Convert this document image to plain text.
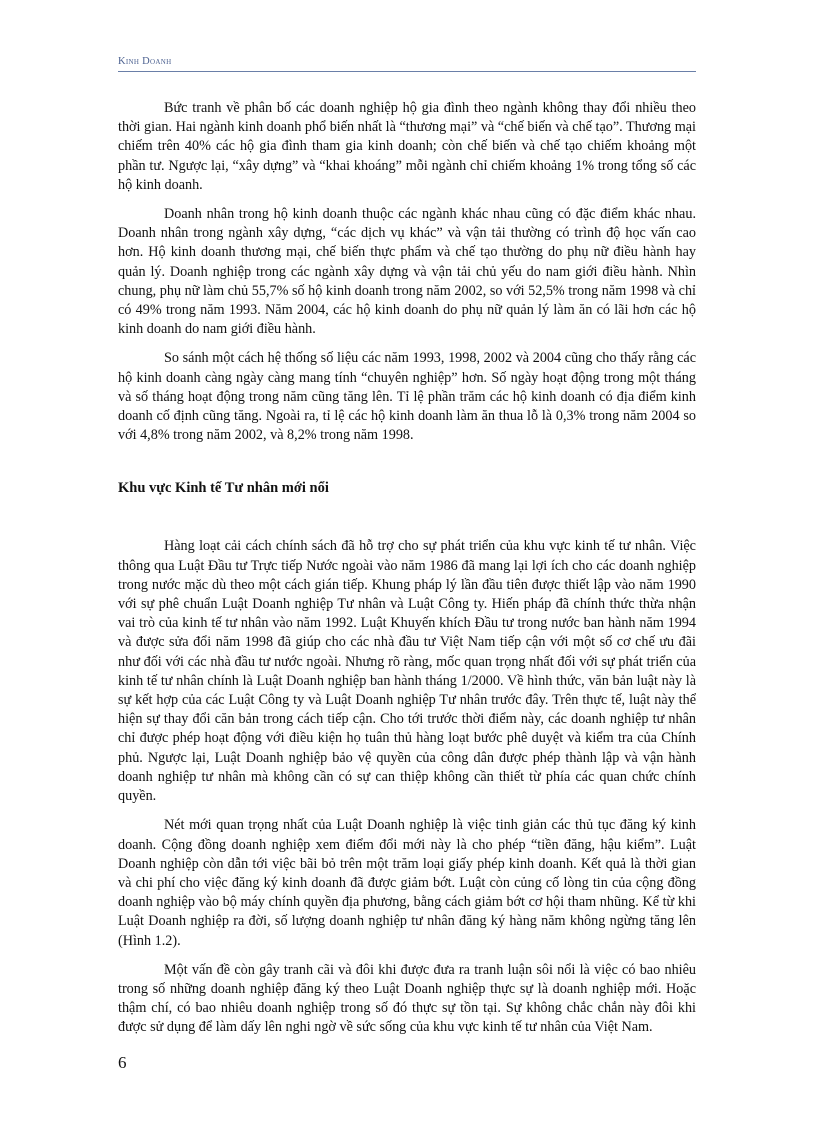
Kinh Doanh

Bức tranh về phân bố các doanh nghiệp hộ gia đình theo ngành không thay đổi nhiều theo thời gian. Hai ngành kinh doanh phổ biến nhất là “thương mại” và “chế biến và chế tạo”. Thương mại chiếm trên 40% các hộ gia đình tham gia kinh doanh; còn chế biến và chế tạo chiếm khoảng một phần tư. Ngược lại, “xây dựng” và “khai khoáng” mỗi ngành chỉ chiếm khoảng 1% trong tổng số các hộ kinh doanh.

Doanh nhân trong hộ kinh doanh thuộc các ngành khác nhau cũng có đặc điểm khác nhau. Doanh nhân trong ngành xây dựng, “các dịch vụ khác” và vận tải thường có trình độ học vấn cao hơn. Hộ kinh doanh thương mại, chế biến thực phẩm và chế tạo thường do phụ nữ điều hành hay quản lý. Doanh nghiệp trong các ngành xây dựng và vận tải chủ yếu do nam giới điều hành. Nhìn chung, phụ nữ làm chủ 55,7% số hộ kinh doanh trong năm 2002, so với 52,5% trong năm 1998 và chỉ có 49% trong năm 1993. Năm 2004, các hộ kinh doanh do phụ nữ quản lý làm ăn có lãi hơn các hộ kinh doanh do nam giới điều hành.

So sánh một cách hệ thống số liệu các năm 1993, 1998, 2002 và 2004 cũng cho thấy rằng các hộ kinh doanh càng ngày càng mang tính “chuyên nghiệp” hơn. Số ngày hoạt động trong một tháng và số tháng hoạt động trong năm cũng tăng lên. Tỉ lệ phần trăm các hộ kinh doanh có địa điểm kinh doanh cố định cũng tăng. Ngoài ra, tỉ lệ các hộ kinh doanh làm ăn thua lỗ là 0,3% trong năm 2004 so với 4,8% trong năm 2002, và 8,2% trong năm 1998.

Khu vực Kinh tế Tư nhân mới nổi

Hàng loạt cải cách chính sách đã hỗ trợ cho sự phát triển của khu vực kinh tế tư nhân. Việc thông qua Luật Đầu tư Trực tiếp Nước ngoài vào năm 1986 đã mang lại lợi ích cho các doanh nghiệp trong nước mặc dù theo một cách gián tiếp. Khung pháp lý lần đầu tiên được thiết lập vào năm 1990 với sự phê chuẩn Luật Doanh nghiệp Tư nhân và Luật Công ty. Hiến pháp đã chính thức thừa nhận vai trò của kinh tế tư nhân vào năm 1992. Luật Khuyến khích Đầu tư trong nước ban hành năm 1994 và được sửa đổi năm 1998 đã giúp cho các nhà đầu tư Việt Nam tiếp cận với một số cơ chế ưu đãi như đối với các nhà đầu tư nước ngoài. Nhưng rõ ràng, mốc quan trọng nhất đối với sự phát triển của kinh tế tư nhân chính là Luật Doanh nghiệp ban hành tháng 1/2000. Về hình thức, văn bản luật này là sự kết hợp của các Luật Công ty và Luật Doanh nghiệp Tư nhân trước đây. Trên thực tế, luật này thể hiện sự thay đổi căn bản trong cách tiếp cận. Cho tới trước thời điểm này, các doanh nghiệp tư nhân chỉ được phép hoạt động với điều kiện họ tuân thủ hàng loạt bước phê duyệt và kiểm tra của Chính phủ. Ngược lại, Luật Doanh nghiệp bảo vệ quyền của công dân được phép thành lập và vận hành doanh nghiệp tư nhân mà không cần có sự can thiệp không cần thiết từ phía các quan chức chính quyền.

Nét mới quan trọng nhất của Luật Doanh nghiệp là việc tinh giản các thủ tục đăng ký kinh doanh. Cộng đồng doanh nghiệp xem điểm đổi mới này là cho phép “tiền đăng, hậu kiểm”. Luật Doanh nghiệp còn dẫn tới việc bãi bỏ trên một trăm loại giấy phép kinh doanh. Kết quả là thời gian và chi phí cho việc đăng ký kinh doanh đã được giảm bớt. Luật còn củng cố lòng tin của cộng đồng doanh nghiệp vào bộ máy chính quyền địa phương, bằng cách giảm bớt cơ hội tham nhũng. Kể từ khi Luật Doanh nghiệp ra đời, số lượng doanh nghiệp tư nhân đăng ký hàng năm không ngừng tăng lên (Hình 1.2).

Một vấn đề còn gây tranh cãi và đôi khi được đưa ra tranh luận sôi nổi là việc có bao nhiêu trong số những doanh nghiệp đăng ký theo Luật Doanh nghiệp thực sự là doanh nghiệp mới. Hoặc thậm chí, có bao nhiêu doanh nghiệp trong số đó thực sự tồn tại. Sự không chắc chắn này đôi khi được sử dụng để làm dấy lên nghi ngờ về sức sống của khu vực kinh tế tư nhân của Việt Nam.

6
